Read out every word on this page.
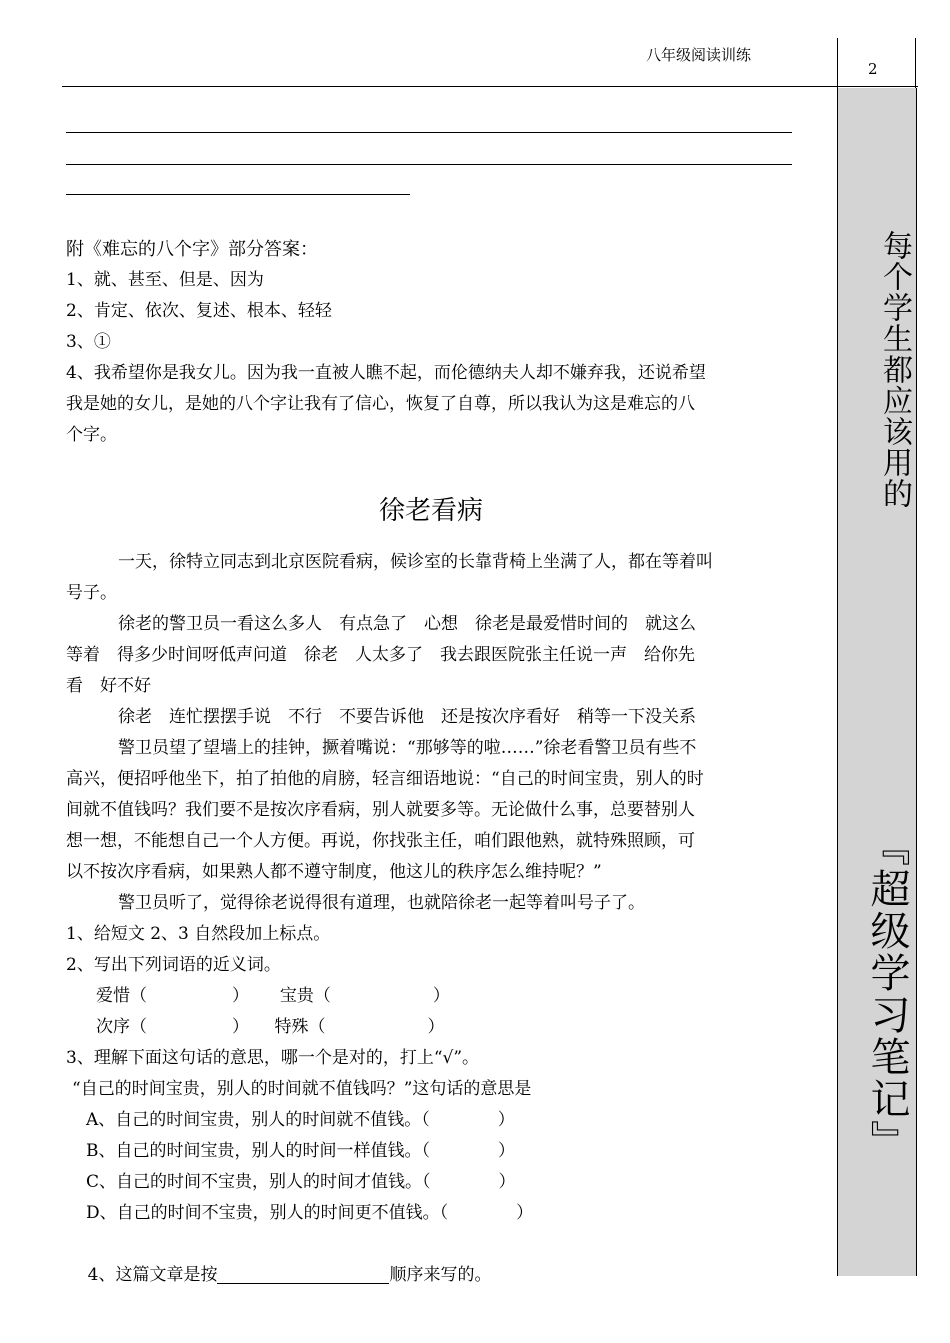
八年级阅读训练
2
每个学生都应该用的
『超级学习笔记』
附《难忘的八个字》部分答案：
1、就、甚至、但是、因为
2、肯定、依次、复述、根本、轻轻
3、①
4、我希望你是我女儿。因为我一直被人瞧不起，而伦德纳夫人却不嫌弃我，还说希望
我是她的女儿，是她的八个字让我有了信心，恢复了自尊，所以我认为这是难忘的八
个字。
徐老看病
一天，徐特立同志到北京医院看病，候诊室的长靠背椅上坐满了人，都在等着叫
号子。
徐老的警卫员一看这么多人　有点急了　心想　徐老是最爱惜时间的　就这么
等着　得多少时间呀低声问道　徐老　人太多了　我去跟医院张主任说一声　给你先
看　好不好
徐老　连忙摆摆手说　不行　不要告诉他　还是按次序看好　稍等一下没关系
警卫员望了望墙上的挂钟，撅着嘴说：“那够等的啦……”徐老看警卫员有些不
高兴，便招呼他坐下，拍了拍他的肩膀，轻言细语地说：“自己的时间宝贵，别人的时
间就不值钱吗？我们要不是按次序看病，别人就要多等。无论做什么事，总要替别人
想一想，不能想自己一个人方便。再说，你找张主任，咱们跟他熟，就特殊照顾，可
以不按次序看病，如果熟人都不遵守制度，他这儿的秩序怎么维持呢？”
警卫员听了，觉得徐老说得很有道理，也就陪徐老一起等着叫号子了。
1、给短文 2、3 自然段加上标点。
2、写出下列词语的近义词。
爱惜（　　　　　）　　 宝贵（　　　　　　）
次序（　　　　　）　　特殊（　　　　　　）
3、理解下面这句话的意思，哪一个是对的，打上“√”。
“自己的时间宝贵，别人的时间就不值钱吗？”这句话的意思是
A、自己的时间宝贵，别人的时间就不值钱。（　　　　）
B、自己的时间宝贵，别人的时间一样值钱。（　　　　）
C、自己的时间不宝贵，别人的时间才值钱。（　　　　）
D、自己的时间不宝贵，别人的时间更不值钱。（　　　　）

4、这篇文章是按	顺序来写的。
